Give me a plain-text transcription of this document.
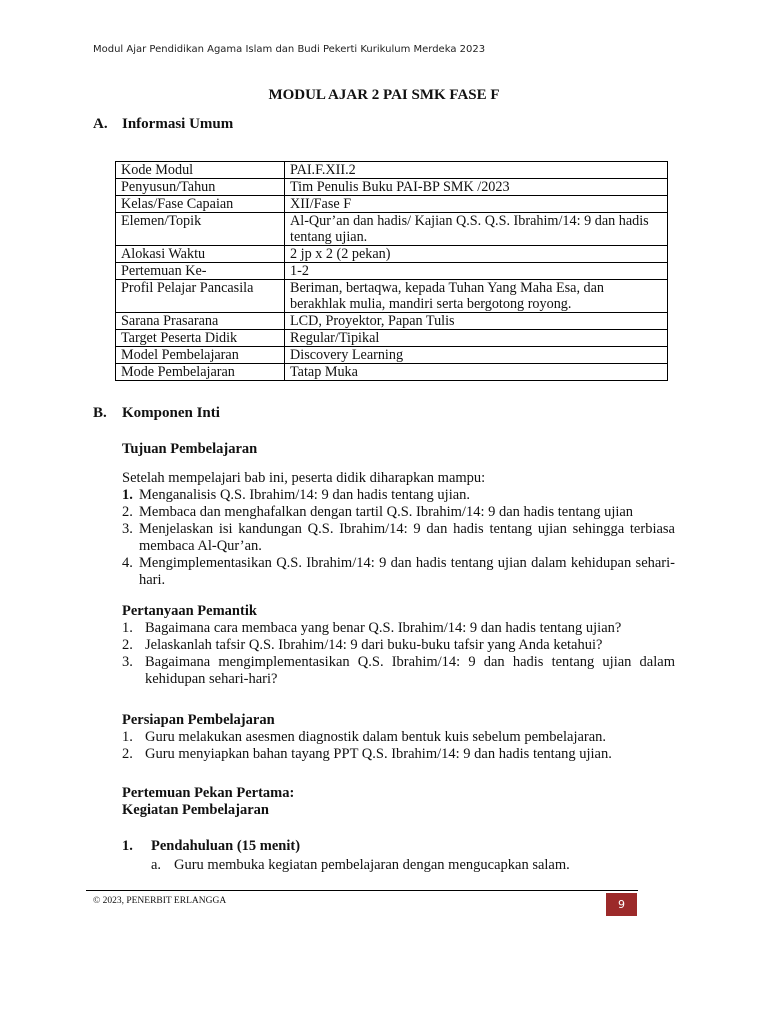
Modul Ajar Pendidikan Agama Islam dan Budi Pekerti Kurikulum Merdeka 2023
MODUL AJAR 2 PAI SMK FASE F
A. Informasi Umum
Kode Modul	PAI.F.XII.2
Penyusun/Tahun	Tim Penulis Buku PAI-BP SMK /2023
Kelas/Fase Capaian	XII/Fase F
Elemen/Topik	Al-Qur’an dan hadis/ Kajian Q.S. Q.S. Ibrahim/14: 9 dan hadis tentang ujian.
Alokasi Waktu	2 jp x 2 (2 pekan)
Pertemuan Ke-	1-2
Profil Pelajar Pancasila	Beriman, bertaqwa, kepada Tuhan Yang Maha Esa, dan berakhlak mulia, mandiri serta bergotong royong.
Sarana Prasarana	LCD, Proyektor, Papan Tulis
Target Peserta Didik	Regular/Tipikal
Model Pembelajaran	Discovery Learning
Mode Pembelajaran	Tatap Muka
B. Komponen Inti
Tujuan Pembelajaran
Setelah mempelajari bab ini, peserta didik diharapkan mampu:
1. Menganalisis Q.S. Ibrahim/14: 9 dan hadis tentang ujian.
2. Membaca dan menghafalkan dengan tartil Q.S. Ibrahim/14: 9 dan hadis tentang ujian
3. Menjelaskan isi kandungan Q.S. Ibrahim/14: 9 dan hadis tentang ujian sehingga terbiasa membaca Al-Qur’an.
4. Mengimplementasikan Q.S. Ibrahim/14: 9 dan hadis tentang ujian dalam kehidupan sehari-hari.
Pertanyaan Pemantik
1. Bagaimana cara membaca yang benar Q.S. Ibrahim/14: 9 dan hadis tentang ujian?
2. Jelaskanlah tafsir Q.S. Ibrahim/14: 9 dari buku-buku tafsir yang Anda ketahui?
3. Bagaimana mengimplementasikan Q.S. Ibrahim/14: 9 dan hadis tentang ujian dalam kehidupan sehari-hari?
Persiapan Pembelajaran
1. Guru melakukan asesmen diagnostik dalam bentuk kuis sebelum pembelajaran.
2. Guru menyiapkan bahan tayang PPT Q.S. Ibrahim/14: 9 dan hadis tentang ujian.
Pertemuan Pekan Pertama:
Kegiatan Pembelajaran
1. Pendahuluan (15 menit)
a. Guru membuka kegiatan pembelajaran dengan mengucapkan salam.
© 2023, PENERBIT ERLANGGA	9
